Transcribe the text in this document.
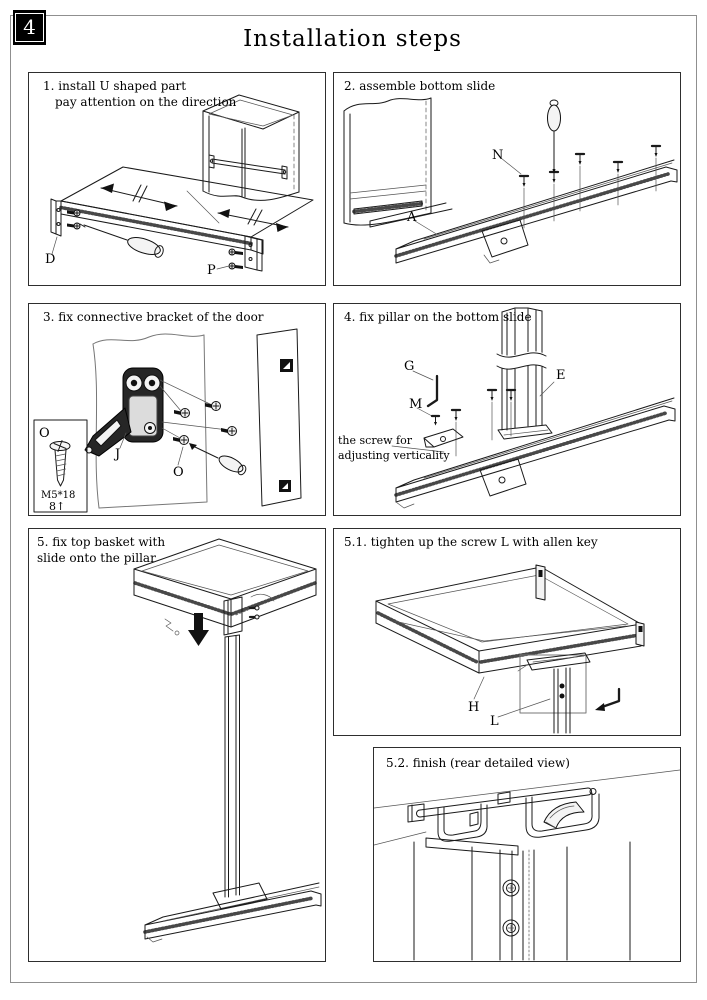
4	Installation steps
1. install U shaped part
pay attention on the direction
D
P
2. assemble bottom slide
N
A
3. fix connective bracket of the door
J
O
O
M5*18
8↑
4. fix pillar on the bottom slide
E
G
M
the screw for
adjusting verticality
5. fix top basket with
slide onto the pillar
5.1. tighten up the screw L with allen key
H
L
5.2. finish (rear detailed view)
